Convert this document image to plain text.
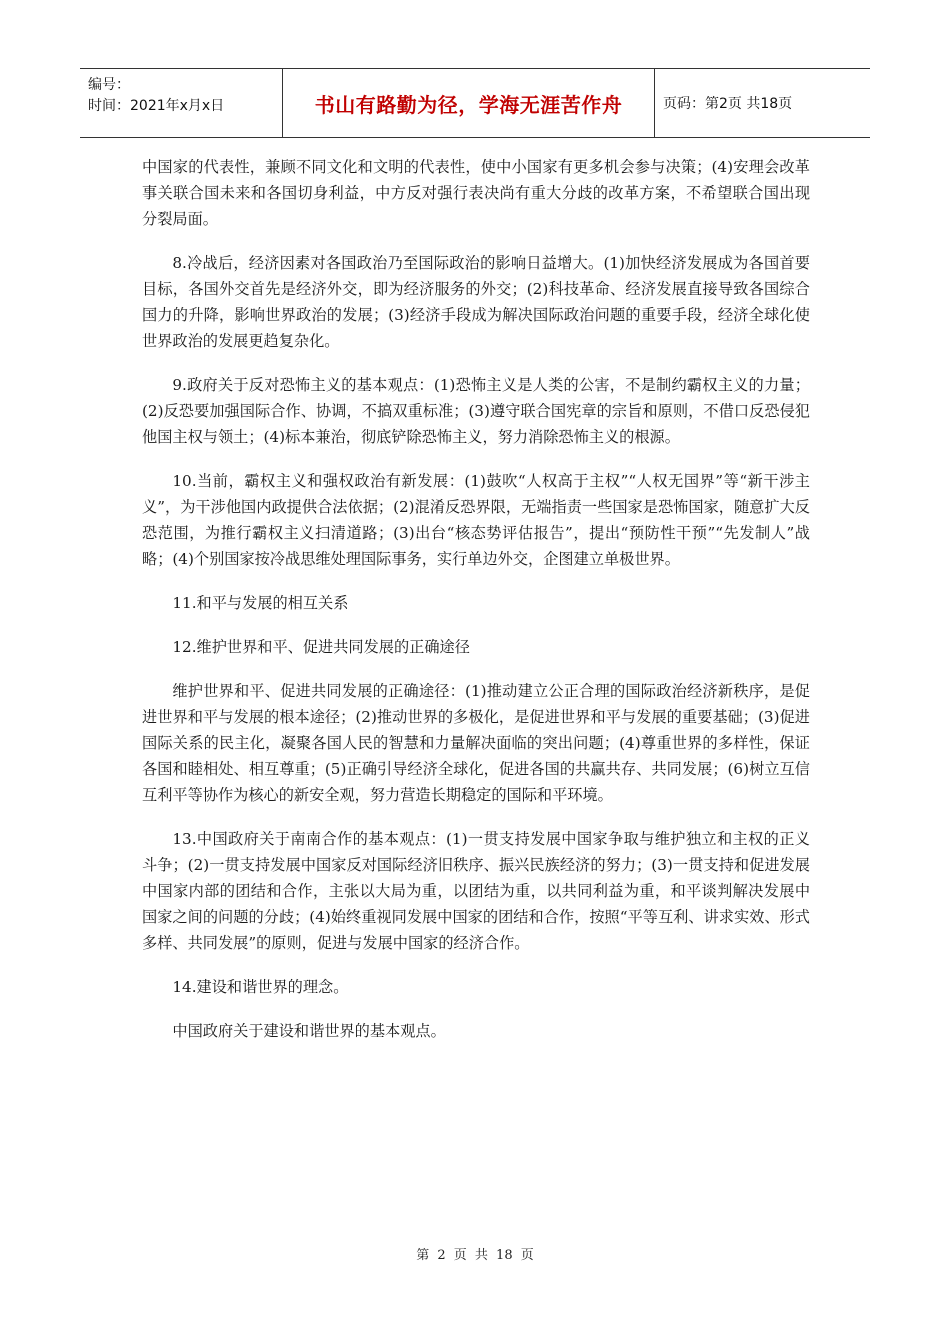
编号：
时间：2021年x月x日	书山有路勤为径，学海无涯苦作舟	页码：第2页 共18页

中国家的代表性，兼顾不同文化和文明的代表性，使中小国家有更多机会参与决策；(4)安理会改革事关联合国未来和各国切身利益，中方反对强行表决尚有重大分歧的改革方案，不希望联合国出现分裂局面。

8.冷战后，经济因素对各国政治乃至国际政治的影响日益增大。(1)加快经济发展成为各国首要目标，各国外交首先是经济外交，即为经济服务的外交；(2)科技革命、经济发展直接导致各国综合国力的升降，影响世界政治的发展；(3)经济手段成为解决国际政治问题的重要手段，经济全球化使世界政治的发展更趋复杂化。

9.政府关于反对恐怖主义的基本观点：(1)恐怖主义是人类的公害，不是制约霸权主义的力量；(2)反恐要加强国际合作、协调，不搞双重标准；(3)遵守联合国宪章的宗旨和原则，不借口反恐侵犯他国主权与领土；(4)标本兼治，彻底铲除恐怖主义，努力消除恐怖主义的根源。

10.当前，霸权主义和强权政治有新发展：(1)鼓吹“人权高于主权”“人权无国界”等“新干涉主义”，为干涉他国内政提供合法依据；(2)混淆反恐界限，无端指责一些国家是恐怖国家，随意扩大反恐范围，为推行霸权主义扫清道路；(3)出台“核态势评估报告”，提出“预防性干预”“先发制人”战略；(4)个别国家按冷战思维处理国际事务，实行单边外交，企图建立单极世界。

11.和平与发展的相互关系

12.维护世界和平、促进共同发展的正确途径

维护世界和平、促进共同发展的正确途径：(1)推动建立公正合理的国际政治经济新秩序，是促进世界和平与发展的根本途径；(2)推动世界的多极化，是促进世界和平与发展的重要基础；(3)促进国际关系的民主化，凝聚各国人民的智慧和力量解决面临的突出问题；(4)尊重世界的多样性，保证各国和睦相处、相互尊重；(5)正确引导经济全球化，促进各国的共赢共存、共同发展；(6)树立互信互利平等协作为核心的新安全观，努力营造长期稳定的国际和平环境。

13.中国政府关于南南合作的基本观点：(1)一贯支持发展中国家争取与维护独立和主权的正义斗争；(2)一贯支持发展中国家反对国际经济旧秩序、振兴民族经济的努力；(3)一贯支持和促进发展中国家内部的团结和合作，主张以大局为重，以团结为重，以共同利益为重，和平谈判解决发展中国家之间的问题的分歧；(4)始终重视同发展中国家的团结和合作，按照“平等互利、讲求实效、形式多样、共同发展”的原则，促进与发展中国家的经济合作。

14.建设和谐世界的理念。

中国政府关于建设和谐世界的基本观点。

第 2 页 共 18 页
